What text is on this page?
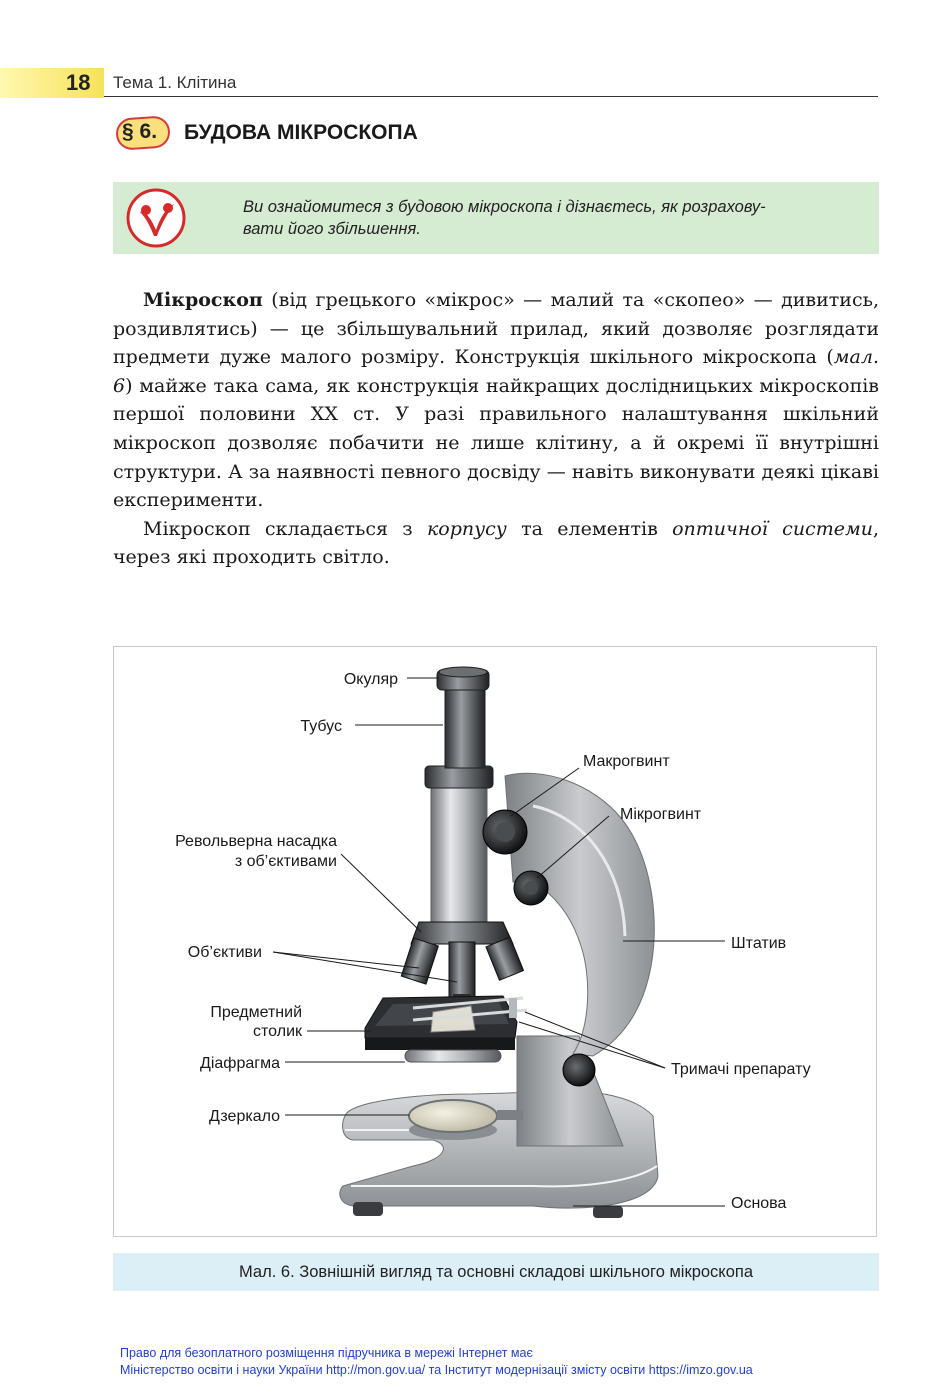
18 Тема 1. Клітина
§ 6. БУДОВА МІКРОСКОПА
Ви ознайомитеся з будовою мікроскопа і дізнаєтесь, як розрахову-
вати його збільшення.

Мікроскоп (від грецького «мікрос» — малий та «скопео» — дивитись, роздивлятись) — це збільшувальний прилад, який дозволяє розглядати предмети дуже малого розміру. Конструкція шкільного мікроскопа (мал. 6) майже така сама, як конструкція найкращих дослідницьких мікроскопів першої половини XX ст. У разі правильного налаштування шкільний мікроскоп дозволяє побачити не лише клітину, а й окремі її внутрішні структури. А за наявності певного досвіду — навіть виконувати деякі цікаві експерименти.

Мікроскоп складається з корпусу та елементів оптичної системи, через які проходить світло.

Окуляр
Тубус
Макрогвинт
Мікрогвинт
Револьверна насадка
з об’єктивами
Штатив
Об’єктиви
Предметний
столик
Діафрагма	Тримачі препарату
Дзеркало
Основа
Мал. 6. Зовнішній вигляд та основні складові шкільного мікроскопа
Право для безоплатного розміщення підручника в мережі Інтернет має
Міністерство освіти і науки України http://mon.gov.ua/ та Інститут модернізації змісту освіти https://imzo.gov.ua
